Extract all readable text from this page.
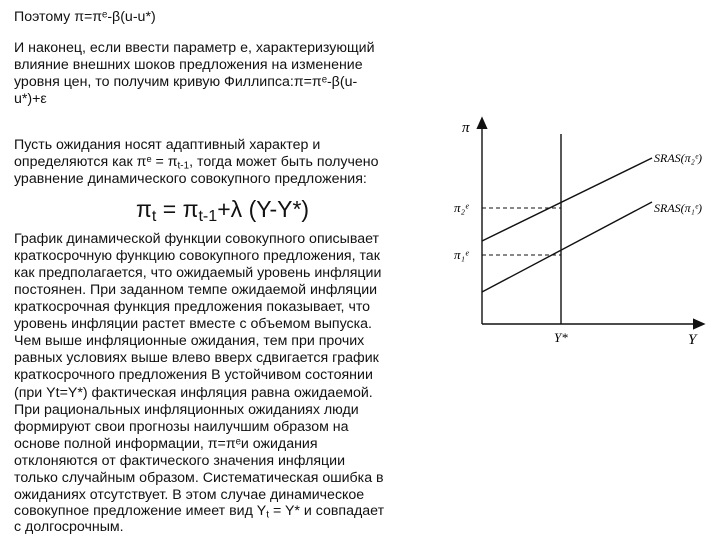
Поэтому π=πᵉ-β(u-u*)
И наконец, если ввести параметр е, характеризующий
влияние внешних шоков предложения на изменение
уровня цен, то получим кривую Филлипса:π=πᵉ-β(u-
u*)+ε
Пусть ожидания носят адаптивный характер и
определяются как $\pi^e = \pi_{t-1}$, тогда может быть получено
уравнение динамического совокупного предложения:
$\pi_t = \pi_{t-1}+\lambda$ (Y-Y*)
График динамической функции совокупного описывает
краткосрочную функцию совокупного предложения, так
как предполагается, что ожидаемый уровень инфляции
постоянен. При заданном темпе ожидаемой инфляции
краткосрочная функция предложения показывает, что
уровень инфляции растет вместе с объемом выпуска.
Чем выше инфляционные ожидания, тем при прочих
равных условиях выше влево вверх сдвигается график
краткосрочного предложения В устойчивом состоянии
(при Yt=Y*) фактическая инфляция равна ожидаемой.
При рациональных инфляционных ожиданиях люди
формируют свои прогнозы наилучшим образом на
основе полной информации, π=πᵉи ожидания
отклоняются от фактического значения инфляции
только случайным образом. Систематическая ошибка в
ожиданиях отсутствует. В этом случае динамическое
совокупное предложение имеет вид $Y_t = Y*$ и совпадает
с долгосрочным.
π
Y
Y*
π₂ᵉ
π₁ᵉ
SRAS(π₂ᵉ)
SRAS(π₁ᵉ)
